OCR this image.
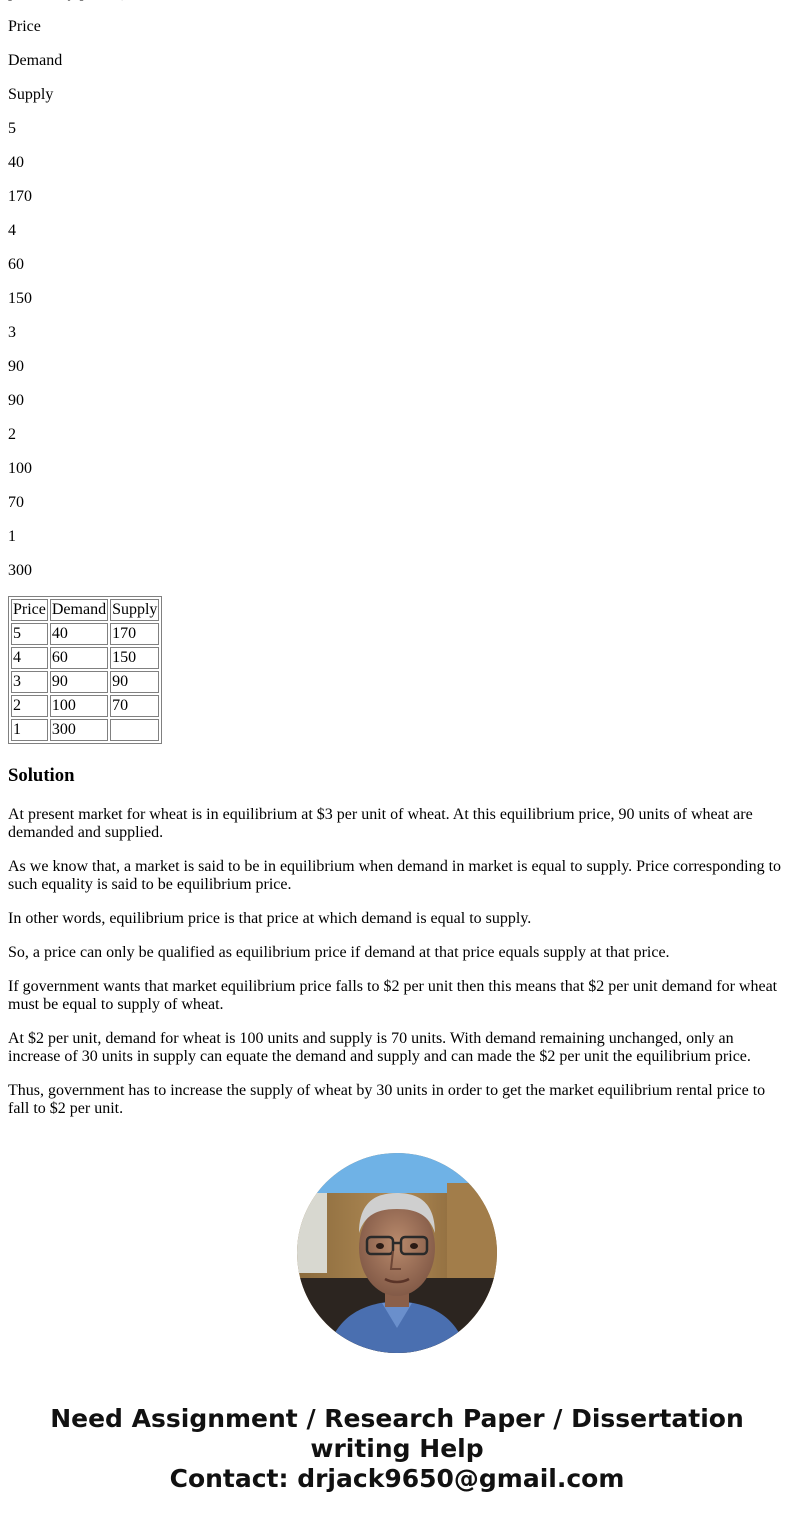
Price

Demand

Supply

5

40

170

4

60

150

3

90

90

2

100

70

1

300

Price	Demand	Supply
5	40	170
4	60	150
3	90	90
2	100	70
1	300	
Solution

At present market for wheat is in equilibrium at $3 per unit of wheat. At this equilibrium price, 90 units of wheat are demanded and supplied.

As we know that, a market is said to be in equilibrium when demand in market is equal to supply. Price corresponding to such equality is said to be equilibrium price.

In other words, equilibrium price is that price at which demand is equal to supply.

So, a price can only be qualified as equilibrium price if demand at that price equals supply at that price.

If government wants that market equilibrium price falls to $2 per unit then this means that $2 per unit demand for wheat must be equal to supply of wheat.

At $2 per unit, demand for wheat is 100 units and supply is 70 units. With demand remaining unchanged, only an increase of 30 units in supply can equate the demand and supply and can made the $2 per unit the equilibrium price.

Thus, government has to increase the supply of wheat by 30 units in order to get the market equilibrium rental price to fall to $2 per unit.

Need Assignment / Research Paper / Dissertation
writing Help
Contact: drjack9650@gmail.com
